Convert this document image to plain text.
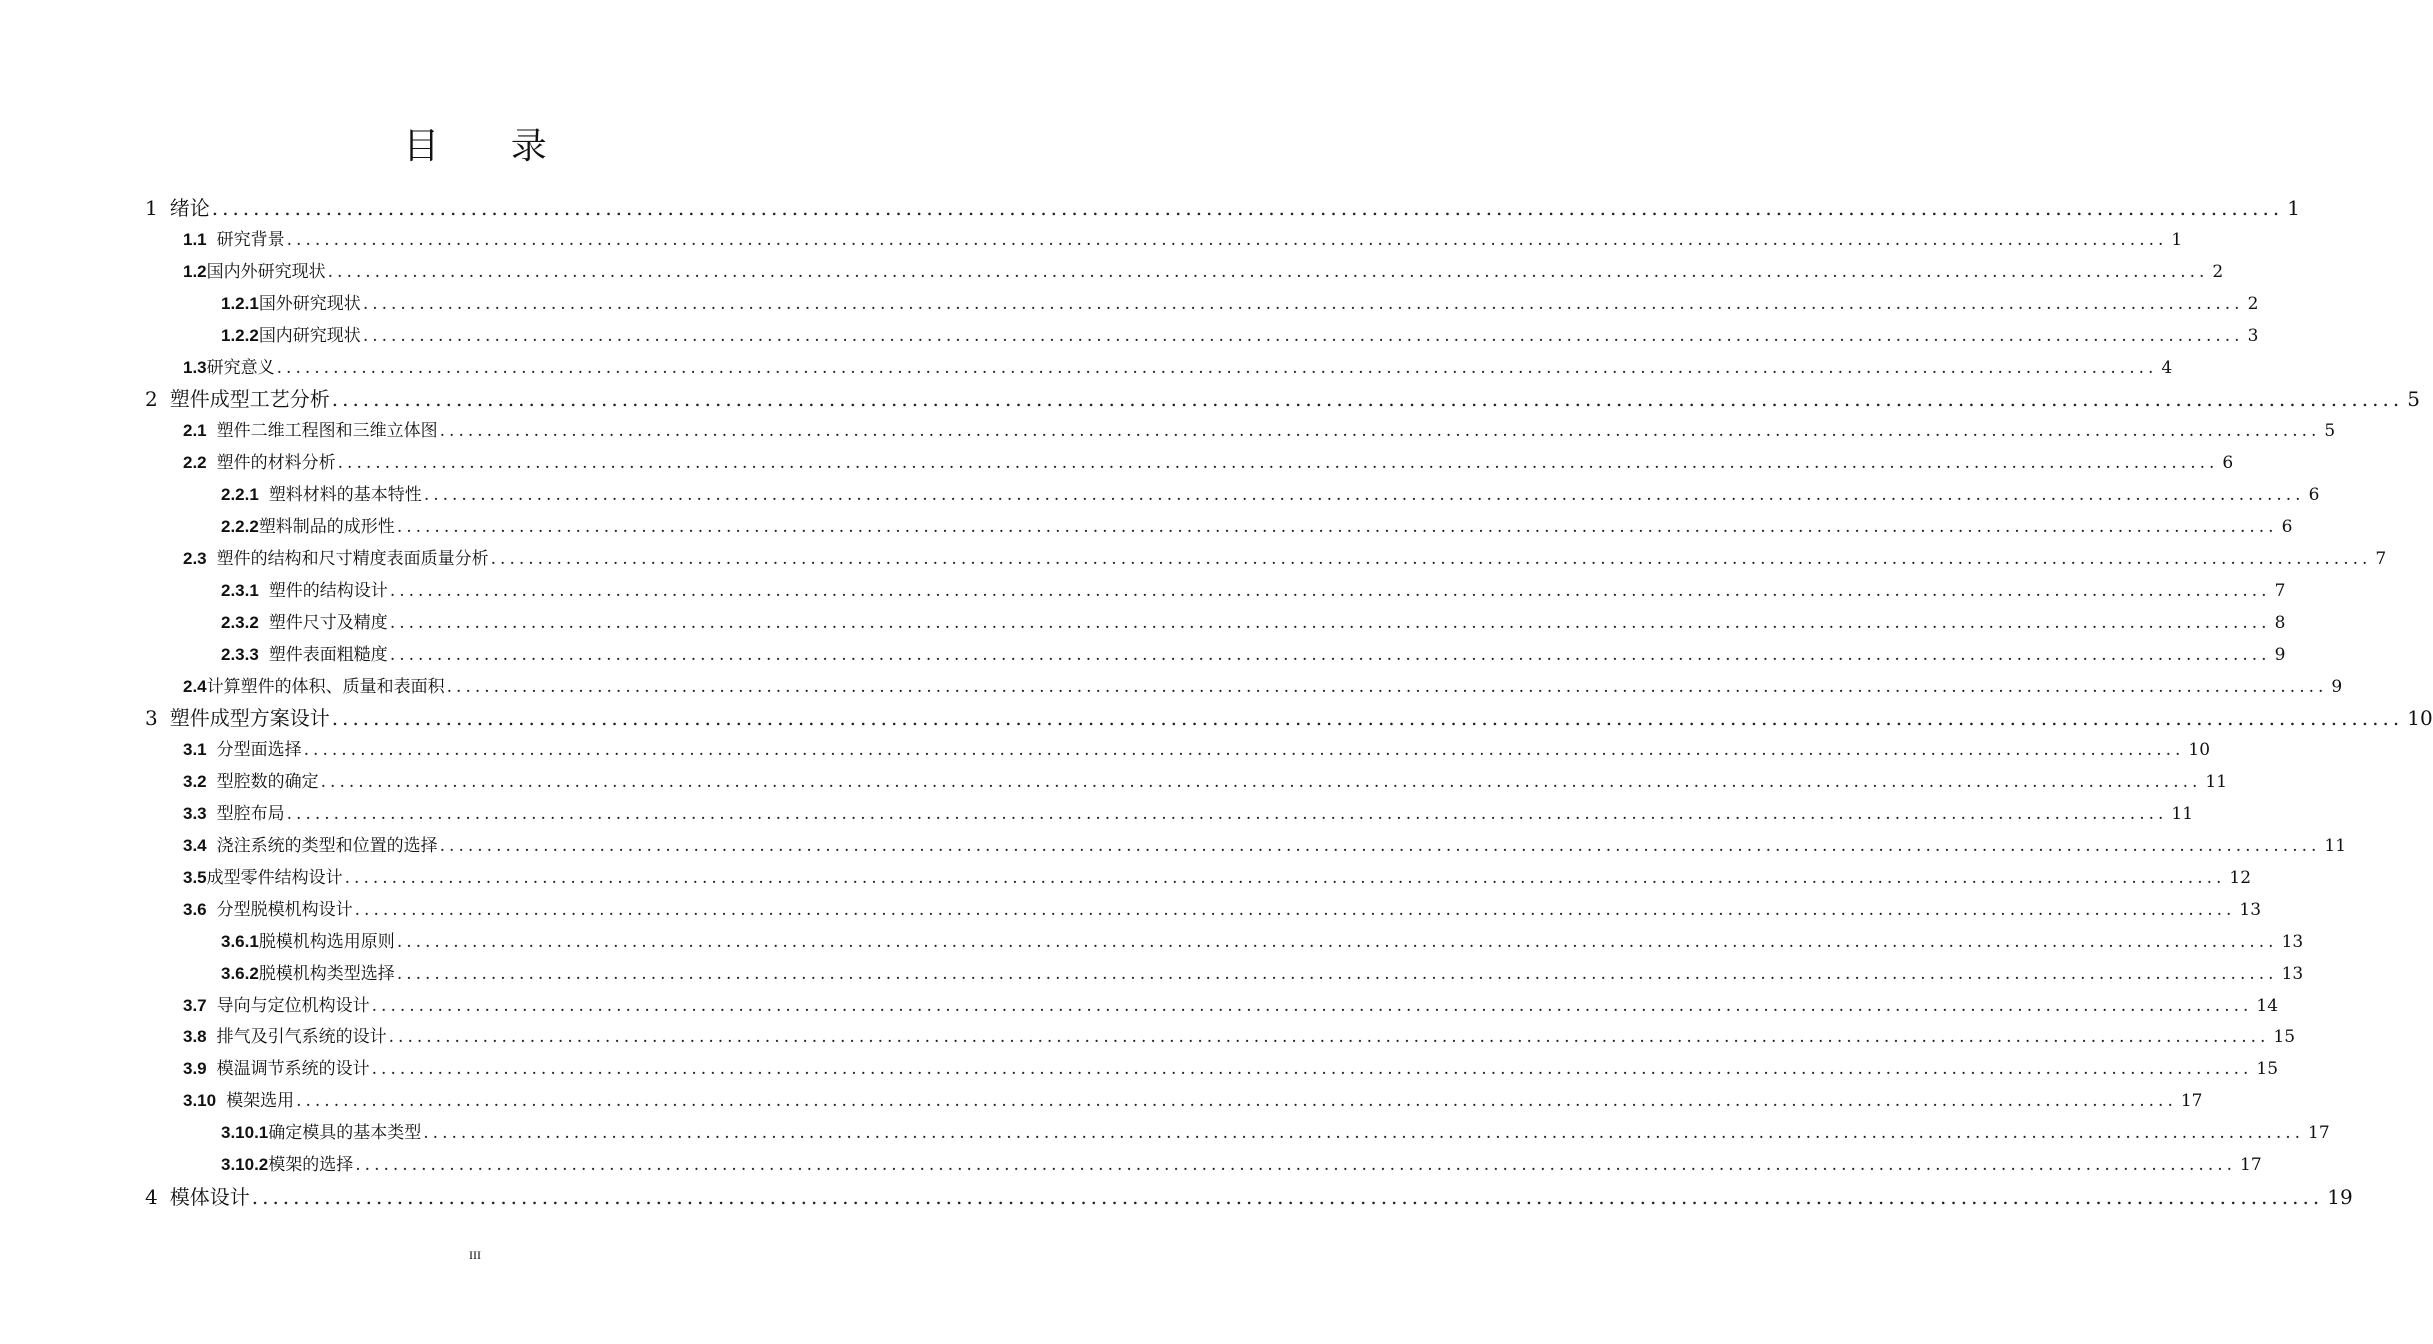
目 录
1 绪论 ........................................................................................................................................................................................................ 1
1.1 研究背景 ........................................................................................................................................................................................................ 1
1.2 国内外研究现状 ........................................................................................................................................................................................................ 2
1.2.1 国外研究现状 ........................................................................................................................................................................................................ 2
1.2.2 国内研究现状 ........................................................................................................................................................................................................ 3
1.3 研究意义 ........................................................................................................................................................................................................ 4
2 塑件成型工艺分析 ........................................................................................................................................................................................................ 5
2.1 塑件二维工程图和三维立体图 ........................................................................................................................................................................................................ 5
2.2 塑件的材料分析 ........................................................................................................................................................................................................ 6
2.2.1 塑料材料的基本特性 ........................................................................................................................................................................................................ 6
2.2.2 塑料制品的成形性 ........................................................................................................................................................................................................ 6
2.3 塑件的结构和尺寸精度表面质量分析 ........................................................................................................................................................................................................ 7
2.3.1 塑件的结构设计 ........................................................................................................................................................................................................ 7
2.3.2 塑件尺寸及精度 ........................................................................................................................................................................................................ 8
2.3.3 塑件表面粗糙度 ........................................................................................................................................................................................................ 9
2.4 计算塑件的体积、质量和表面积 ........................................................................................................................................................................................................ 9
3 塑件成型方案设计 ........................................................................................................................................................................................................ 10
3.1 分型面选择 ........................................................................................................................................................................................................ 10
3.2 型腔数的确定 ........................................................................................................................................................................................................ 11
3.3 型腔布局 ........................................................................................................................................................................................................ 11
3.4 浇注系统的类型和位置的选择 ........................................................................................................................................................................................................ 11
3.5 成型零件结构设计 ........................................................................................................................................................................................................ 12
3.6 分型脱模机构设计 ........................................................................................................................................................................................................ 13
3.6.1 脱模机构选用原则 ........................................................................................................................................................................................................ 13
3.6.2 脱模机构类型选择 ........................................................................................................................................................................................................ 13
3.7 导向与定位机构设计 ........................................................................................................................................................................................................ 14
3.8 排气及引气系统的设计 ........................................................................................................................................................................................................ 15
3.9 模温调节系统的设计 ........................................................................................................................................................................................................ 15
3.10 模架选用 ........................................................................................................................................................................................................ 17
3.10.1 确定模具的基本类型 ........................................................................................................................................................................................................ 17
3.10.2 模架的选择 ........................................................................................................................................................................................................ 17
4 模体设计 ........................................................................................................................................................................................................ 19
III
